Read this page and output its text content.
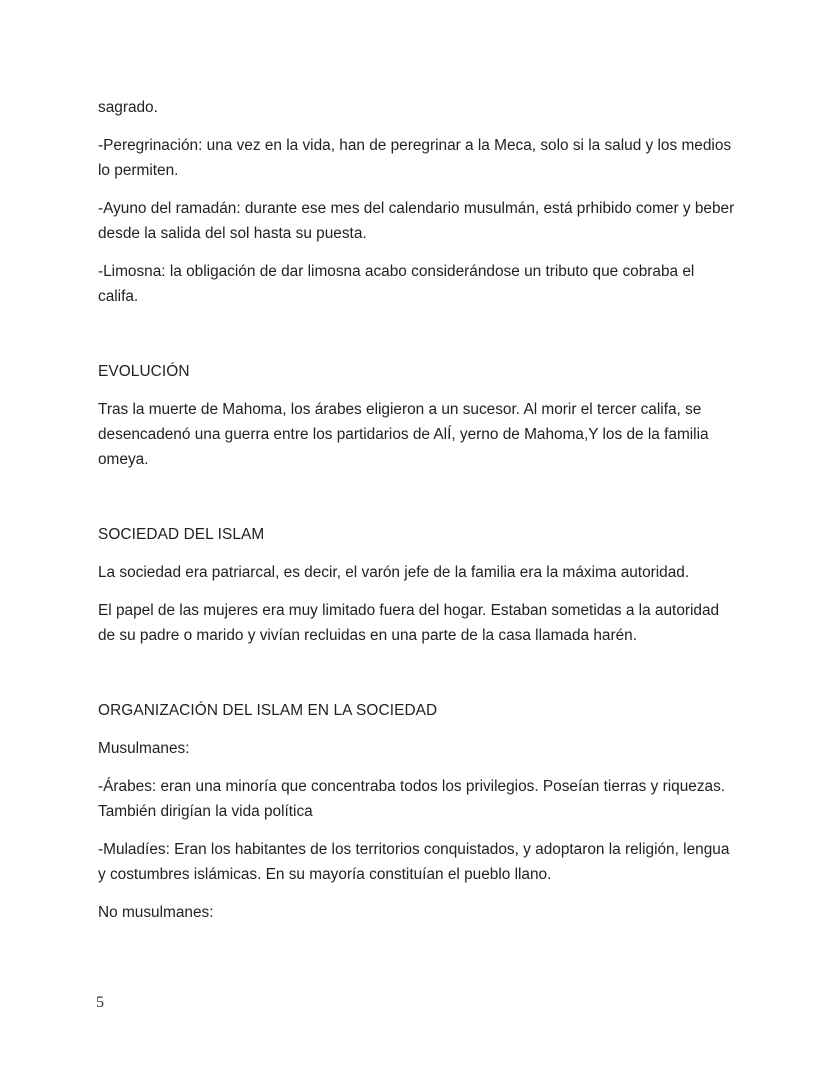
sagrado.

-Peregrinación: una vez en la vida, han de peregrinar a la Meca, solo si la salud y los medios lo permiten.

-Ayuno del ramadán: durante ese mes del calendario musulmán, está prhibido comer y beber desde la salida del sol hasta su puesta.

-Limosna: la obligación de dar limosna acabo considerándose un tributo que cobraba el califa.

EVOLUCIÓN

Tras la muerte de Mahoma, los árabes eligieron a un sucesor. Al morir el tercer califa, se desencadenó una guerra entre los partidarios de AlÍ, yerno de Mahoma,Y los de la familia omeya.

SOCIEDAD DEL ISLAM

La sociedad era patriarcal, es decir, el varón jefe de la familia era la máxima autoridad.

El papel de las mujeres era muy limitado fuera del hogar. Estaban sometidas a la autoridad de su padre o marido y vivían recluidas en una parte de la casa llamada harén.

ORGANIZACIÓN DEL ISLAM EN LA SOCIEDAD

Musulmanes:

-Árabes: eran una minoría que concentraba todos los privilegios. Poseían tierras y riquezas. También dirigían la vida política

-Muladíes: Eran los habitantes de los territorios conquistados, y adoptaron la religión, lengua y costumbres islámicas. En su mayoría constituían el pueblo llano.

No musulmanes:

5
